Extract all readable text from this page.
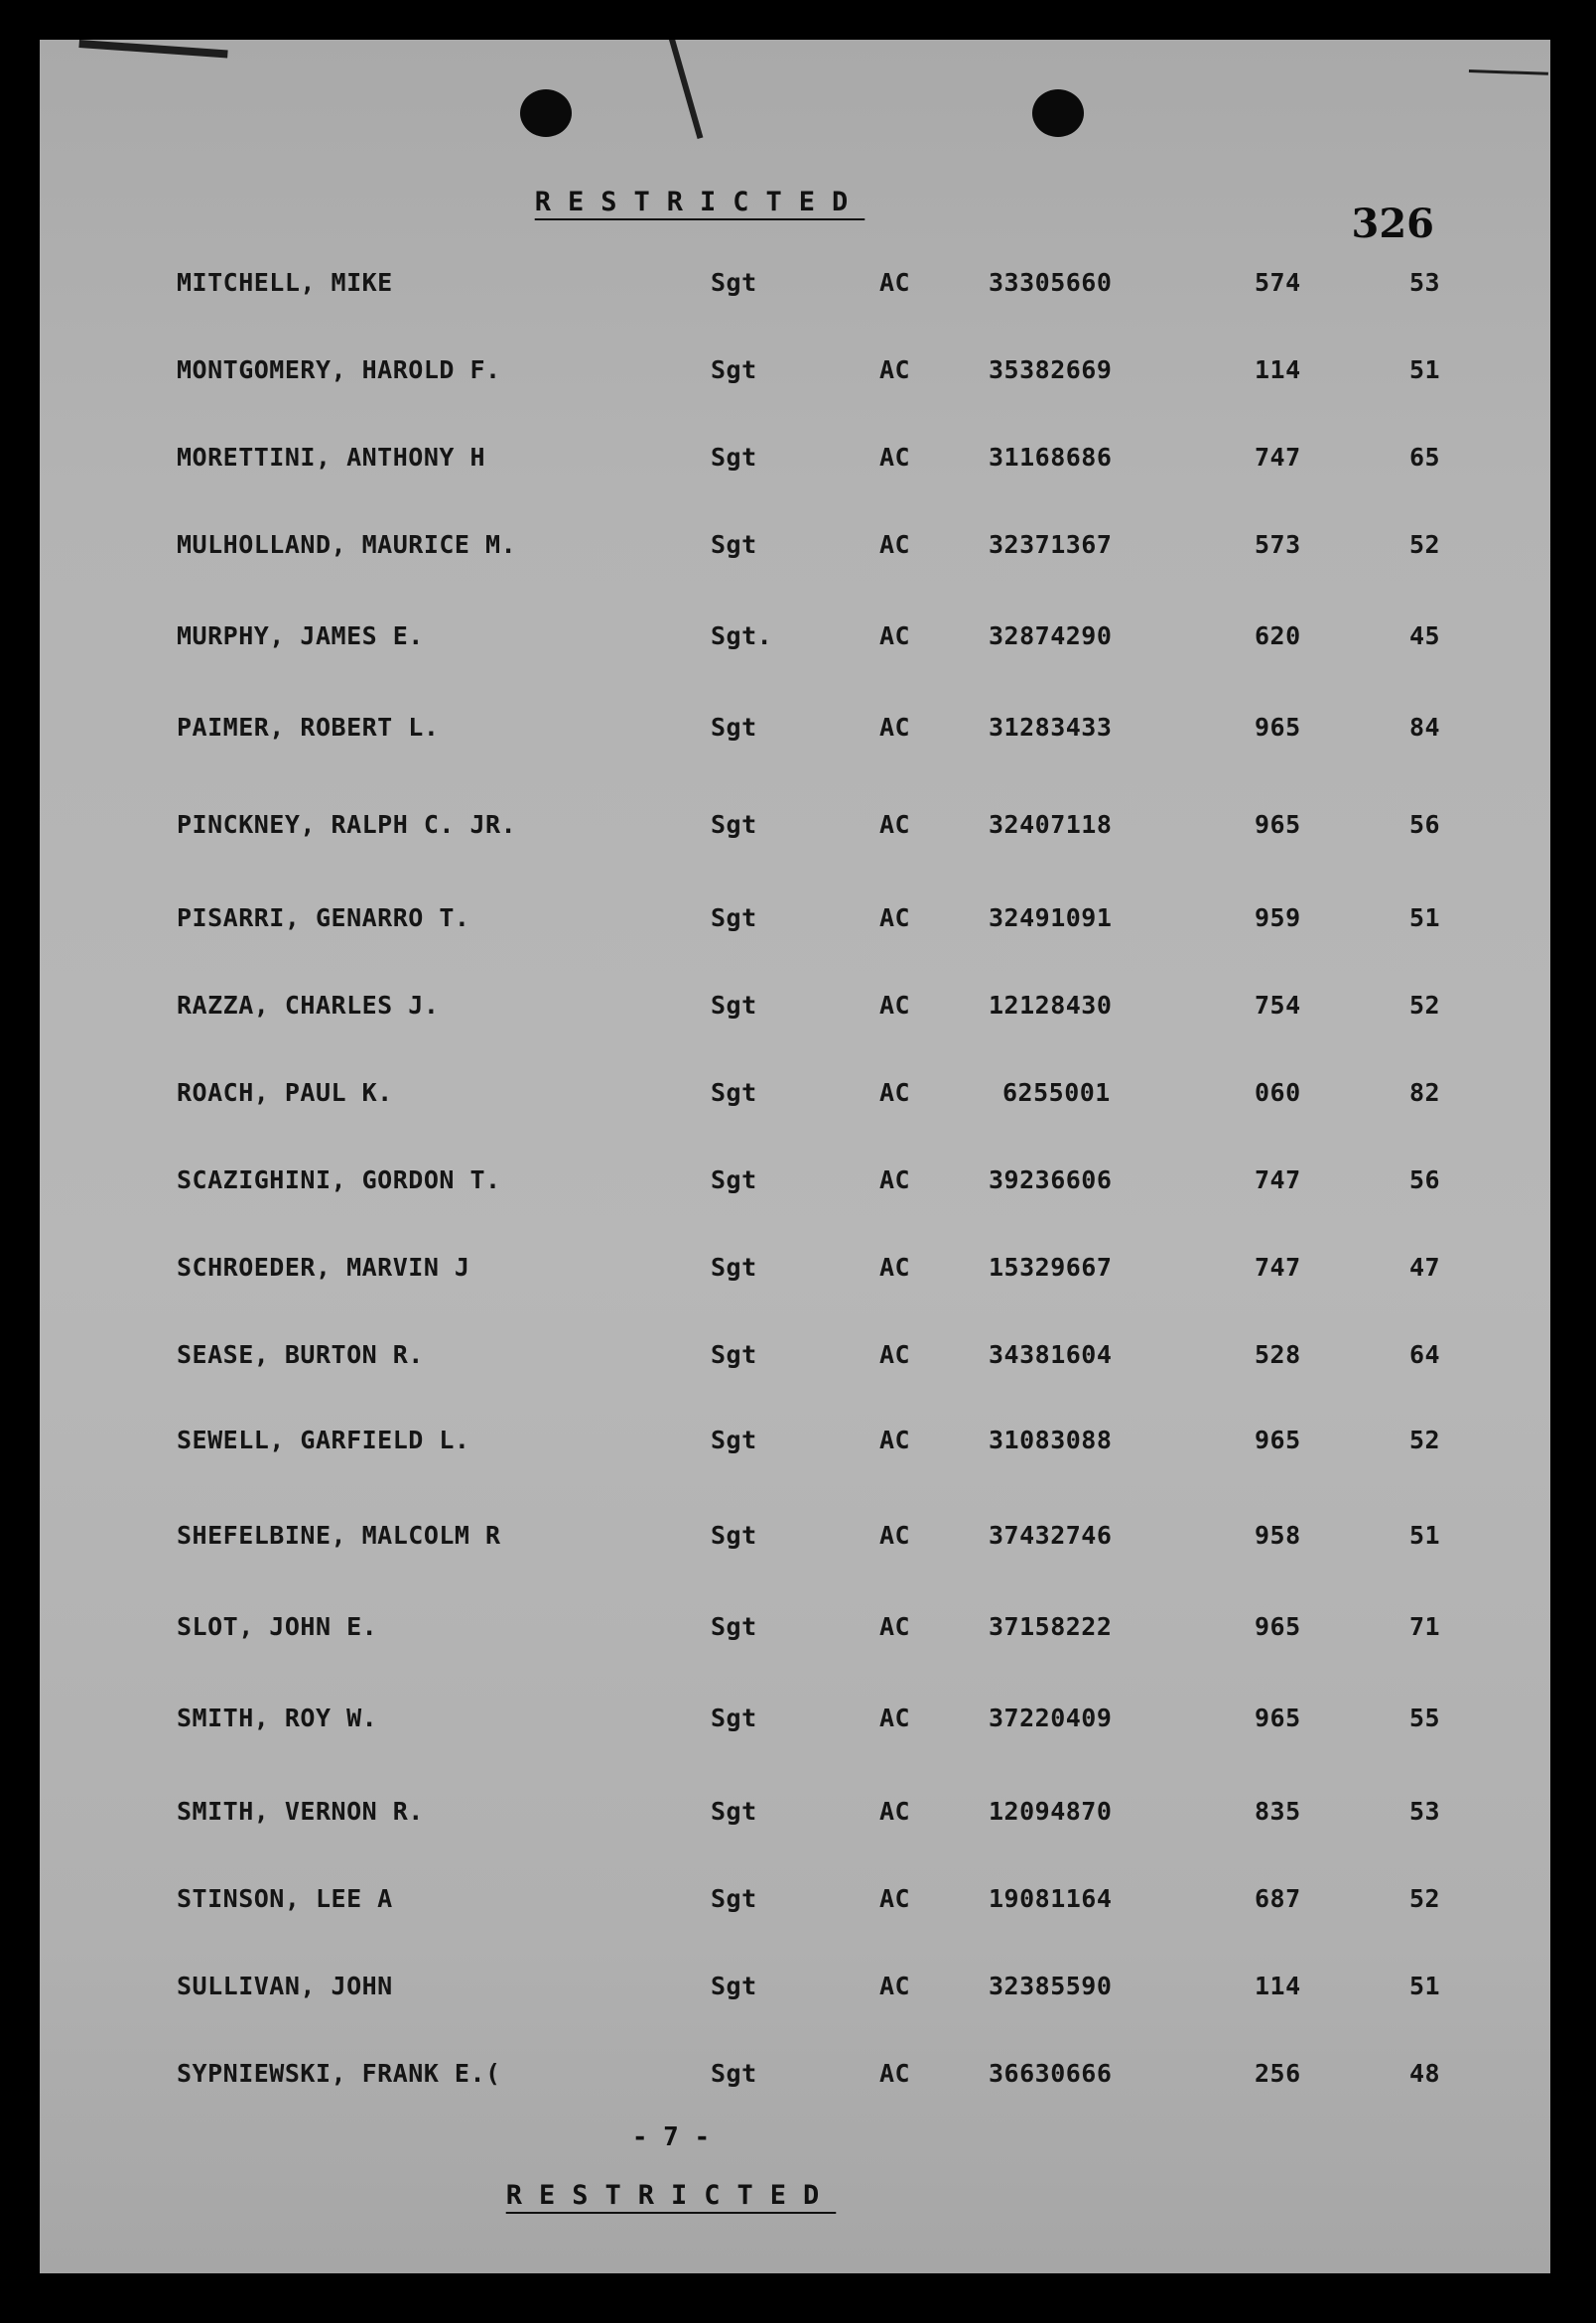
RESTRICTED	326
MITCHELL, MIKE	Sgt	AC	33305660	574	53
MONTGOMERY, HAROLD F.	Sgt	AC	35382669	114	51
MORETTINI, ANTHONY H	Sgt	AC	31168686	747	65
MULHOLLAND, MAURICE M.	Sgt	AC	32371367	573	52
MURPHY, JAMES E.	Sgt.	AC	32874290	620	45
PAIMER, ROBERT L.	Sgt	AC	31283433	965	84
PINCKNEY, RALPH C. JR.	Sgt	AC	32407118	965	56
PISARRI, GENARRO T.	Sgt	AC	32491091	959	51
RAZZA, CHARLES J.	Sgt	AC	12128430	754	52
ROACH, PAUL K.	Sgt	AC	6255001	060	82
SCAZIGHINI, GORDON T.	Sgt	AC	39236606	747	56
SCHROEDER, MARVIN J	Sgt	AC	15329667	747	47
SEASE, BURTON R.	Sgt	AC	34381604	528	64
SEWELL, GARFIELD L.	Sgt	AC	31083088	965	52
SHEFELBINE, MALCOLM R	Sgt	AC	37432746	958	51
SLOT, JOHN E.	Sgt	AC	37158222	965	71
SMITH, ROY W.	Sgt	AC	37220409	965	55
SMITH, VERNON R.	Sgt	AC	12094870	835	53
STINSON, LEE A	Sgt	AC	19081164	687	52
SULLIVAN, JOHN	Sgt	AC	32385590	114	51
SYPNIEWSKI, FRANK E.(	Sgt	AC	36630666	256	48
- 7 -
RESTRICTED
